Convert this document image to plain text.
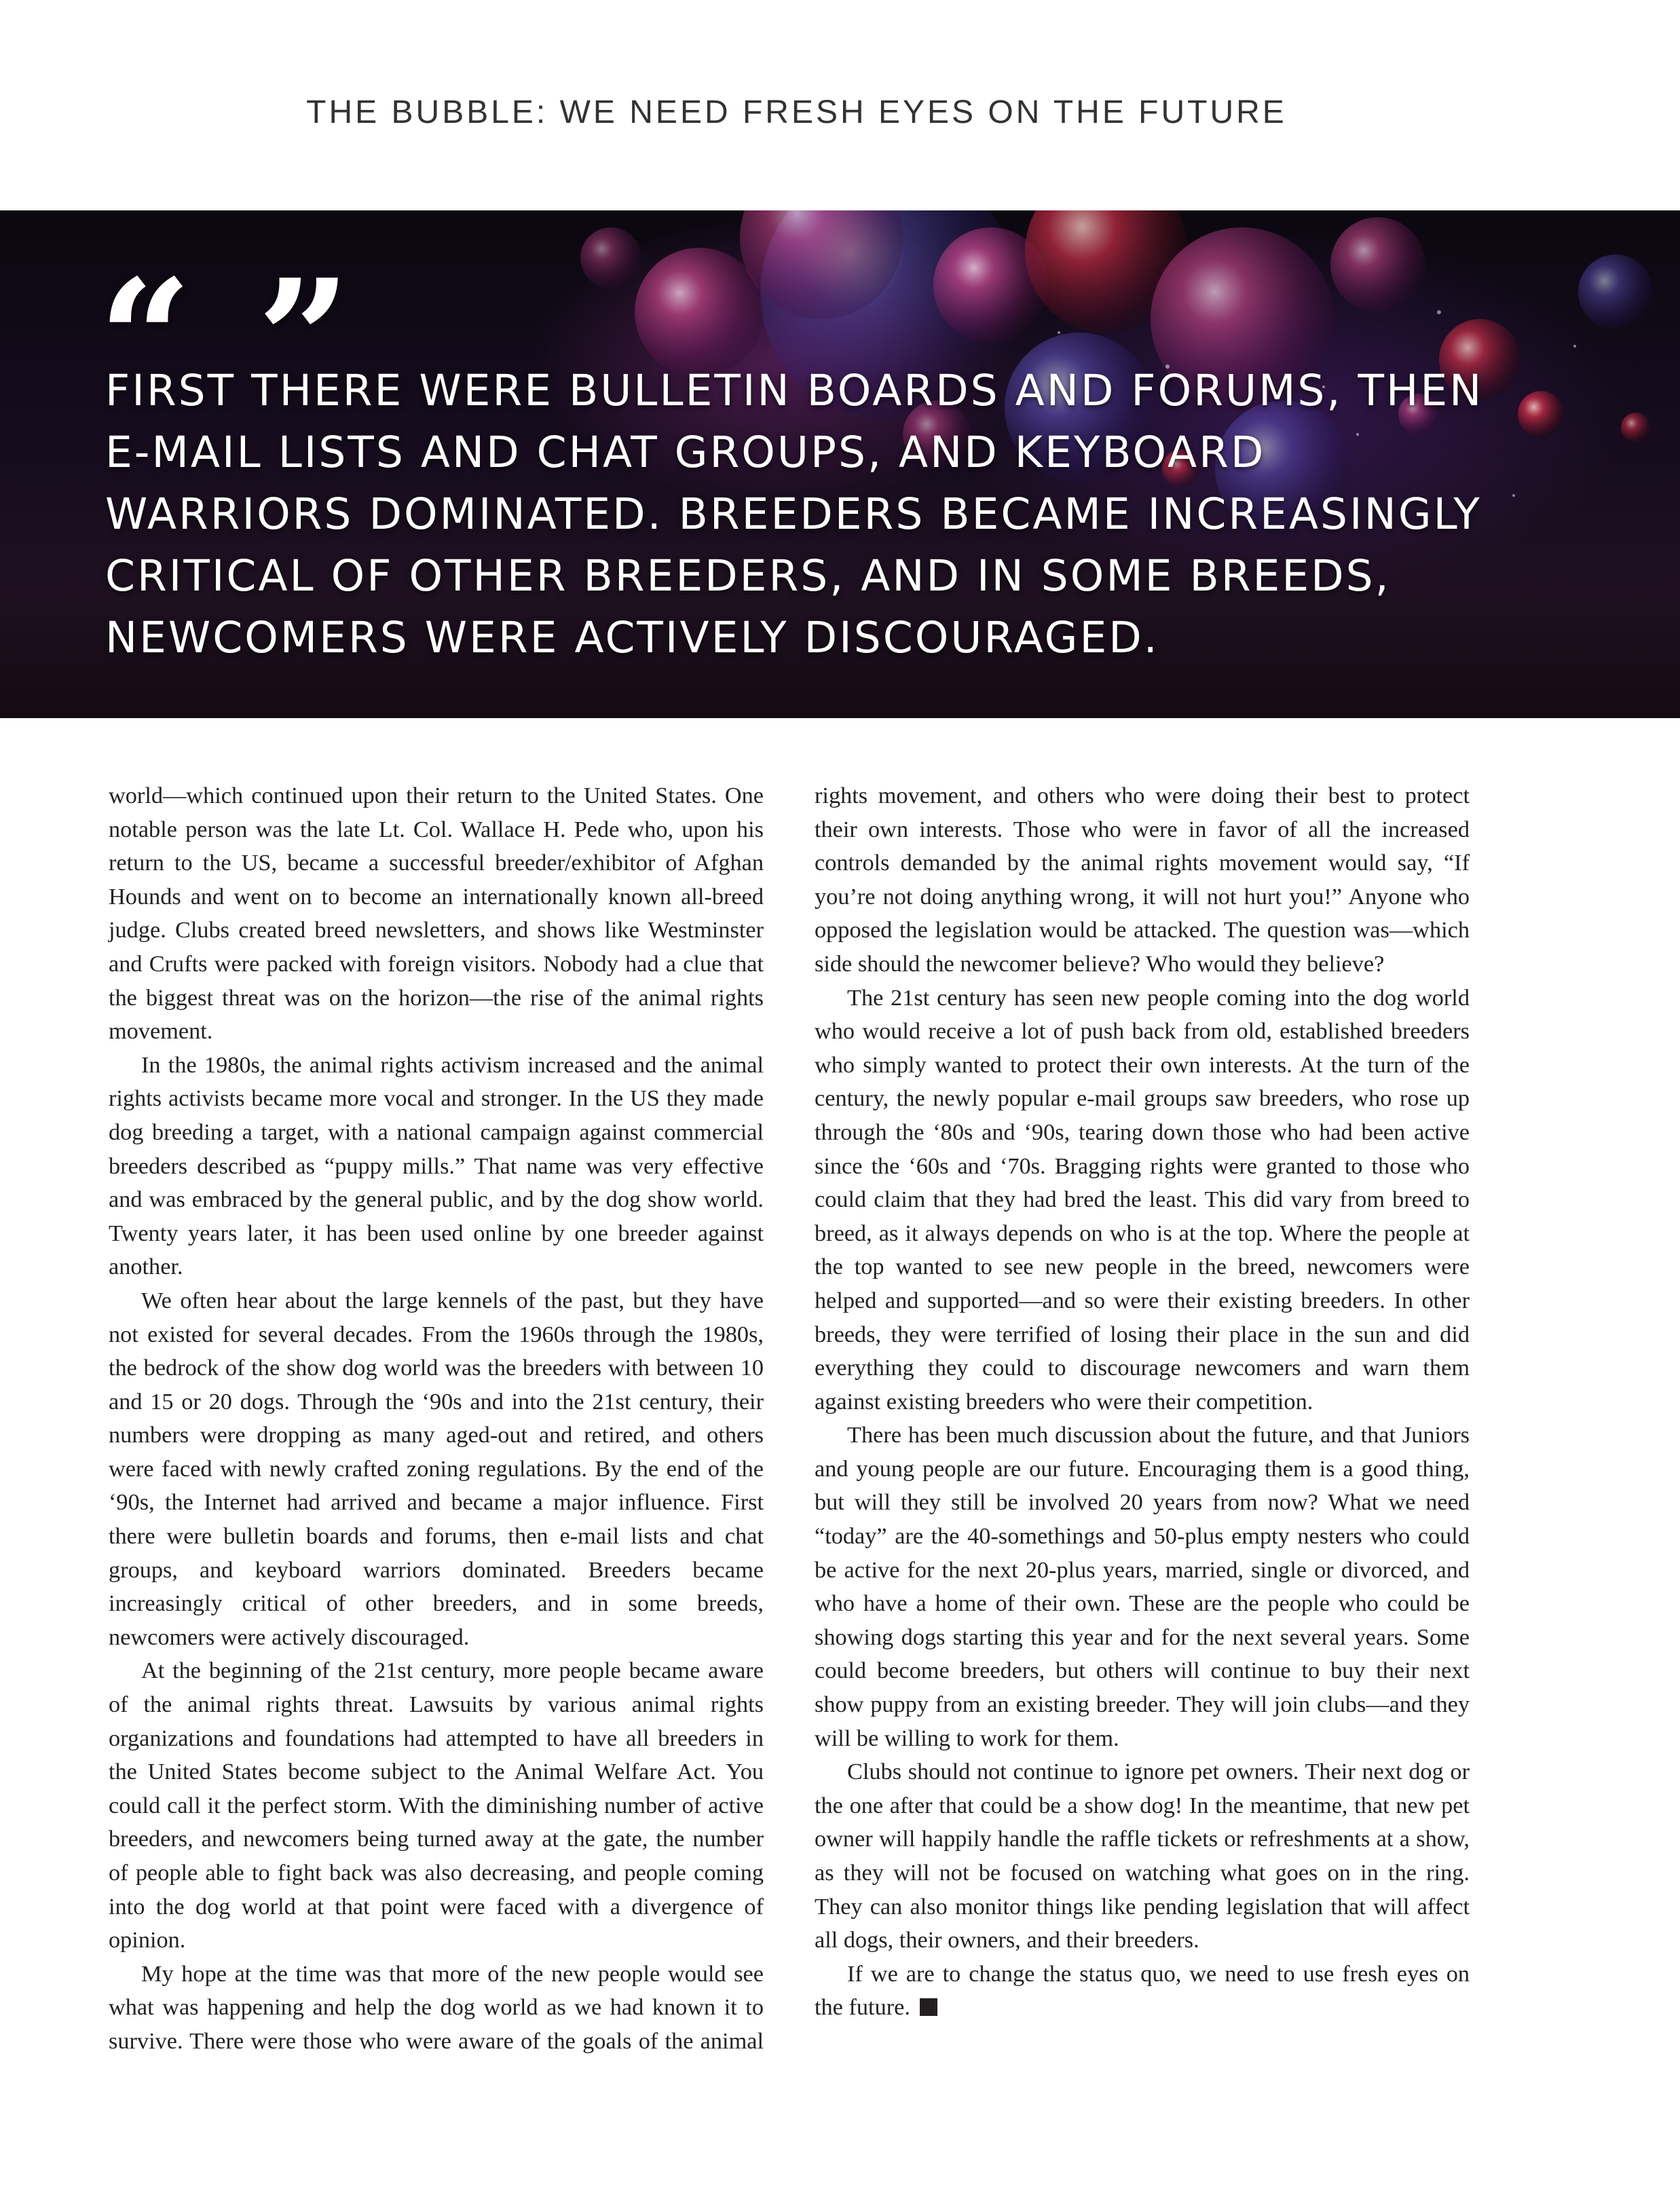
THE BUBBLE: WE NEED FRESH EYES ON THE FUTURE
“ ”
FIRST THERE WERE BULLETIN BOARDS AND FORUMS, THEN E-MAIL LISTS AND CHAT GROUPS, AND KEYBOARD WARRIORS DOMINATED. BREEDERS BECAME INCREASINGLY CRITICAL OF OTHER BREEDERS, AND IN SOME BREEDS, NEWCOMERS WERE ACTIVELY DISCOURAGED.

world—which continued upon their return to the United States. One notable person was the late Lt. Col. Wallace H. Pede who, upon his return to the US, became a successful breeder/exhibitor of Afghan Hounds and went on to become an internationally known all-breed judge. Clubs created breed newsletters, and shows like Westminster and Crufts were packed with foreign visitors. Nobody had a clue that the biggest threat was on the horizon—the rise of the animal rights movement.

In the 1980s, the animal rights activism increased and the animal rights activists became more vocal and stronger. In the US they made dog breeding a target, with a national campaign against commercial breeders described as “puppy mills.” That name was very effective and was embraced by the general public, and by the dog show world. Twenty years later, it has been used online by one breeder against another.

We often hear about the large kennels of the past, but they have not existed for several decades. From the 1960s through the 1980s, the bedrock of the show dog world was the breeders with between 10 and 15 or 20 dogs. Through the ‘90s and into the 21st century, their numbers were dropping as many aged-out and retired, and others were faced with newly crafted zoning regulations. By the end of the ‘90s, the Internet had arrived and became a major influence. First there were bulletin boards and forums, then e-mail lists and chat groups, and keyboard warriors dominated. Breeders became increasingly critical of other breeders, and in some breeds, newcomers were actively discouraged.

At the beginning of the 21st century, more people became aware of the animal rights threat. Lawsuits by various animal rights organizations and foundations had attempted to have all breeders in the United States become subject to the Animal Welfare Act. You could call it the perfect storm. With the diminishing number of active breeders, and newcomers being turned away at the gate, the number of people able to fight back was also decreasing, and people coming into the dog world at that point were faced with a divergence of opinion.

My hope at the time was that more of the new people would see what was happening and help the dog world as we had known it to survive. There were those who were aware of the goals of the animal rights movement, and others who were doing their best to protect their own interests. Those who were in favor of all the increased controls demanded by the animal rights movement would say, “If you’re not doing anything wrong, it will not hurt you!” Anyone who opposed the legislation would be attacked. The question was—which side should the newcomer believe? Who would they believe?

The 21st century has seen new people coming into the dog world who would receive a lot of push back from old, established breeders who simply wanted to protect their own interests. At the turn of the century, the newly popular e-mail groups saw breeders, who rose up through the ‘80s and ‘90s, tearing down those who had been active since the ‘60s and ‘70s. Bragging rights were granted to those who could claim that they had bred the least. This did vary from breed to breed, as it always depends on who is at the top. Where the people at the top wanted to see new people in the breed, newcomers were helped and supported—and so were their existing breeders. In other breeds, they were terrified of losing their place in the sun and did everything they could to discourage newcomers and warn them against existing breeders who were their competition.

There has been much discussion about the future, and that Juniors and young people are our future. Encouraging them is a good thing, but will they still be involved 20 years from now? What we need “today” are the 40-somethings and 50-plus empty nesters who could be active for the next 20-plus years, married, single or divorced, and who have a home of their own. These are the people who could be showing dogs starting this year and for the next several years. Some could become breeders, but others will continue to buy their next show puppy from an existing breeder. They will join clubs—and they will be willing to work for them.

Clubs should not continue to ignore pet owners. Their next dog or the one after that could be a show dog! In the meantime, that new pet owner will happily handle the raffle tickets or refreshments at a show, as they will not be focused on watching what goes on in the ring. They can also monitor things like pending legislation that will affect all dogs, their owners, and their breeders.

If we are to change the status quo, we need to use fresh eyes on the future.
